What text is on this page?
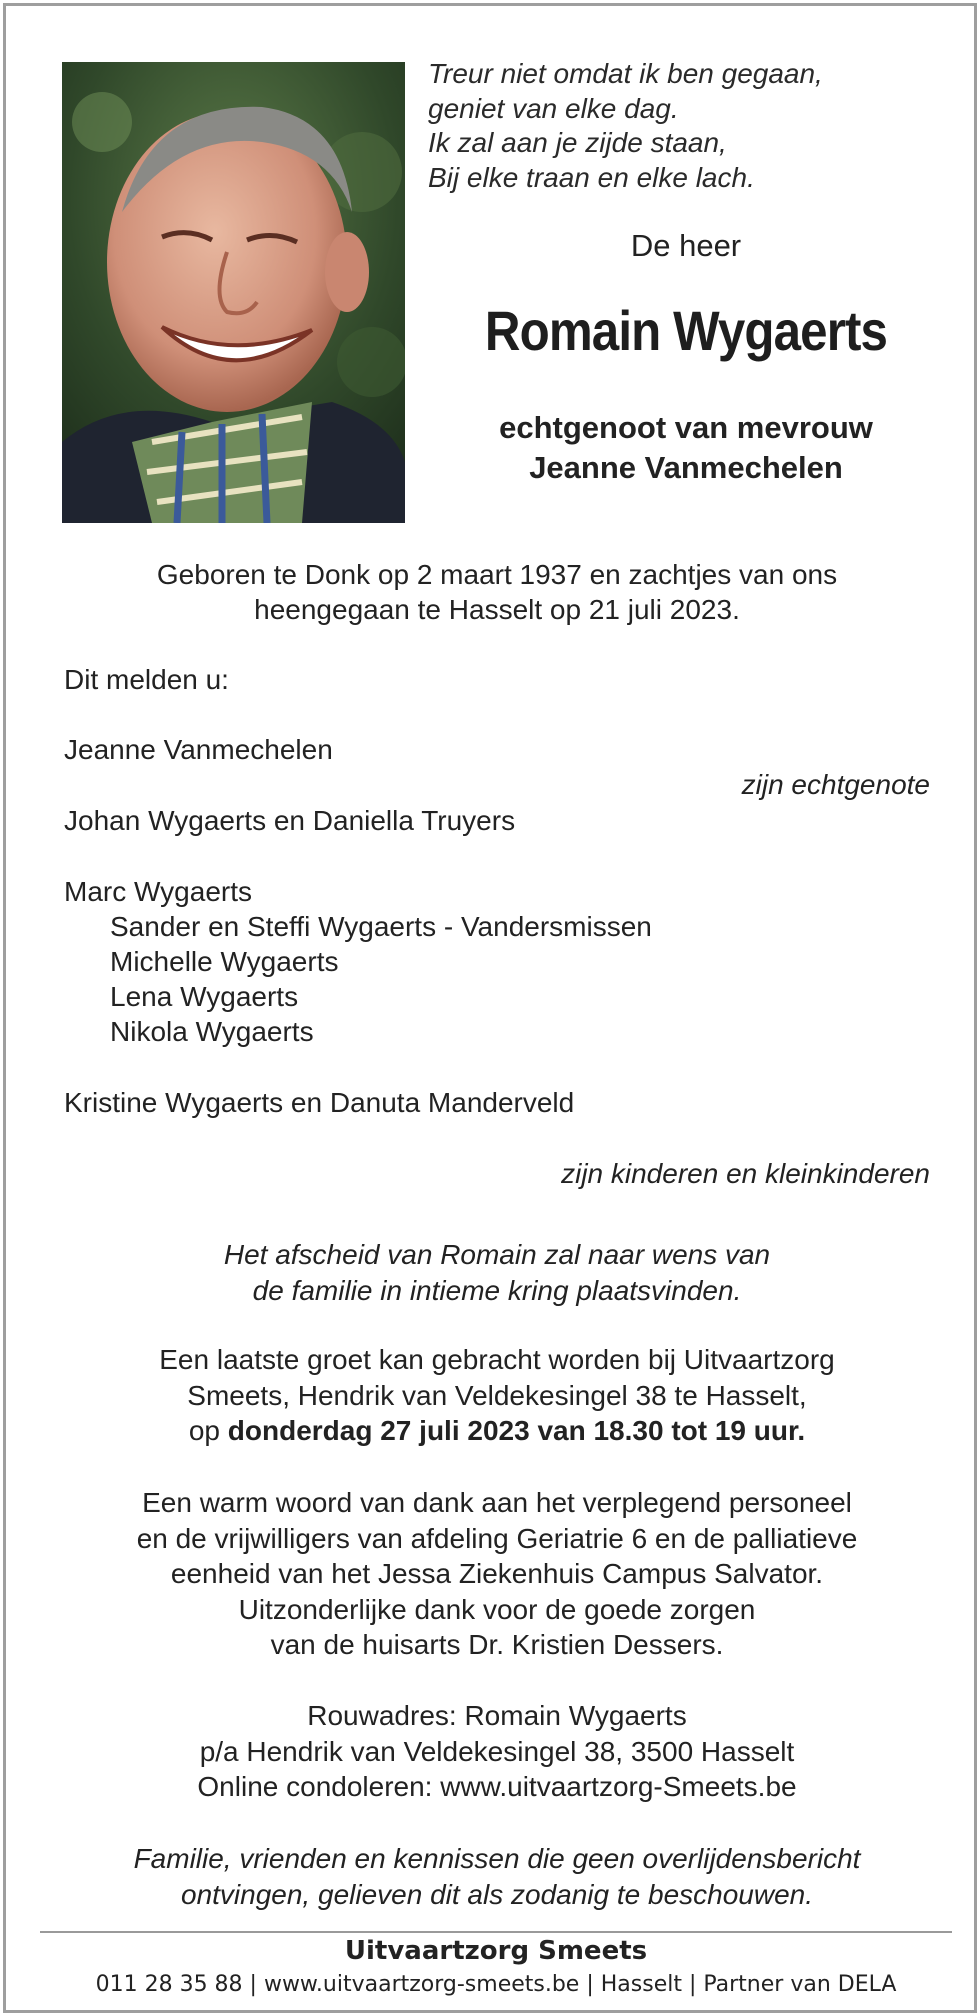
Treur niet omdat ik ben gegaan,
geniet van elke dag.
Ik zal aan je zijde staan,
Bij elke traan en elke lach.
De heer
Romain Wygaerts
echtgenoot van mevrouw
Jeanne Vanmechelen
Geboren te Donk op 2 maart 1937 en zachtjes van ons
heengegaan te Hasselt op 21 juli 2023.
Dit melden u:
Jeanne Vanmechelen
zijn echtgenote
Johan Wygaerts en Daniella Truyers
Marc Wygaerts
Sander en Steffi Wygaerts - Vandersmissen
Michelle Wygaerts
Lena Wygaerts
Nikola Wygaerts
Kristine Wygaerts en Danuta Manderveld
zijn kinderen en kleinkinderen
Het afscheid van Romain zal naar wens van
de familie in intieme kring plaatsvinden.
Een laatste groet kan gebracht worden bij Uitvaartzorg
Smeets, Hendrik van Veldekesingel 38 te Hasselt,
op donderdag 27 juli 2023 van 18.30 tot 19 uur.
Een warm woord van dank aan het verplegend personeel
en de vrijwilligers van afdeling Geriatrie 6 en de palliatieve
eenheid van het Jessa Ziekenhuis Campus Salvator.
Uitzonderlijke dank voor de goede zorgen
van de huisarts Dr. Kristien Dessers.
Rouwadres: Romain Wygaerts
p/a Hendrik van Veldekesingel 38, 3500 Hasselt
Online condoleren: www.uitvaartzorg-Smeets.be
Familie, vrienden en kennissen die geen overlijdensbericht
ontvingen, gelieven dit als zodanig te beschouwen.
Uitvaartzorg Smeets
011 28 35 88 | www.uitvaartzorg-smeets.be | Hasselt | Partner van DELA
